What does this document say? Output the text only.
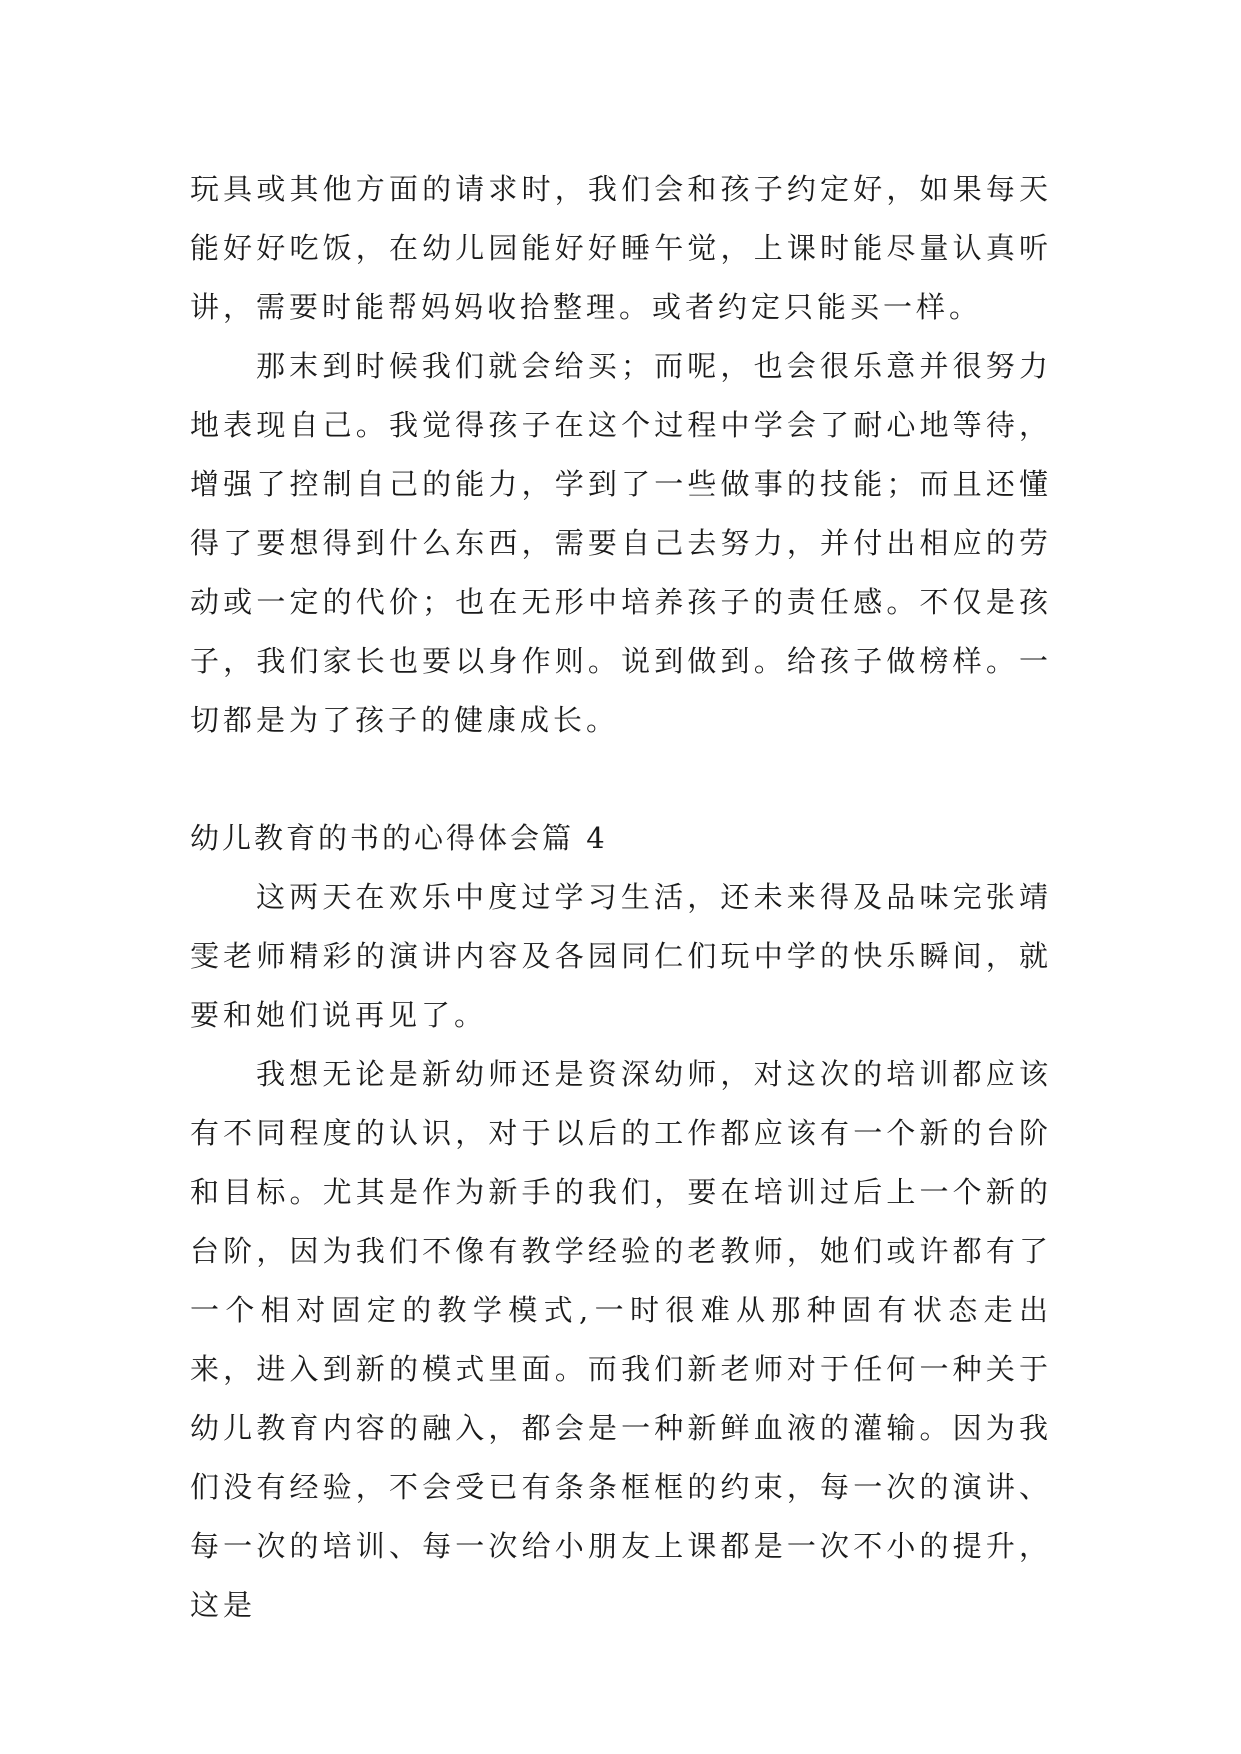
玩具或其他方面的请求时，我们会和孩子约定好，如果每天能好好吃饭，在幼儿园能好好睡午觉，上课时能尽量认真听讲，需要时能帮妈妈收拾整理。或者约定只能买一样。

那末到时候我们就会给买；而呢，也会很乐意并很努力地表现自己。我觉得孩子在这个过程中学会了耐心地等待，增强了控制自己的能力，学到了一些做事的技能；而且还懂得了要想得到什么东西，需要自己去努力，并付出相应的劳动或一定的代价；也在无形中培养孩子的责任感。不仅是孩子，我们家长也要以身作则。说到做到。给孩子做榜样。一切都是为了孩子的健康成长。

幼儿教育的书的心得体会篇 4

这两天在欢乐中度过学习生活，还未来得及品味完张靖雯老师精彩的演讲内容及各园同仁们玩中学的快乐瞬间，就要和她们说再见了。

我想无论是新幼师还是资深幼师，对这次的培训都应该有不同程度的认识，对于以后的工作都应该有一个新的台阶和目标。尤其是作为新手的我们，要在培训过后上一个新的台阶，因为我们不像有教学经验的老教师，她们或许都有了一个相对固定的教学模式,一时很难从那种固有状态走出来，进入到新的模式里面。而我们新老师对于任何一种关于幼儿教育内容的融入，都会是一种新鲜血液的灌输。因为我们没有经验，不会受已有条条框框的约束，每一次的演讲、每一次的培训、每一次给小朋友上课都是一次不小的提升，这是
